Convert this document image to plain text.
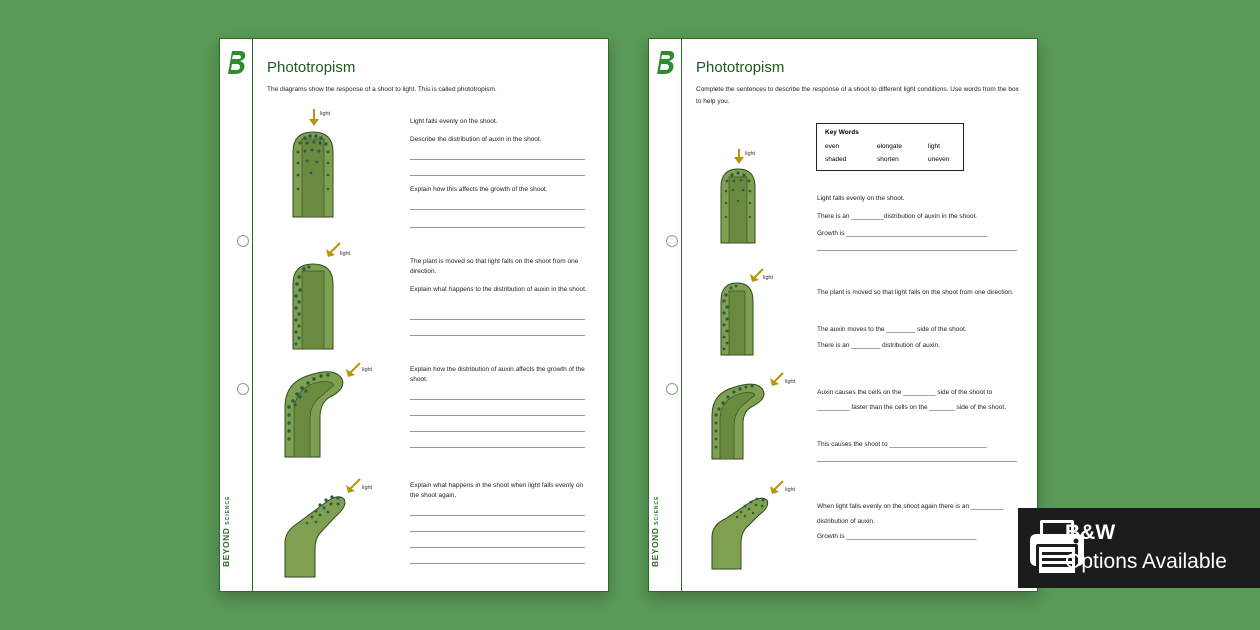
BEYOND SCIENCE
Phototropism
The diagrams show the response of a shoot to light. This is called phototropism.
light
Light falls evenly on the shoot.
Describe the distribution of auxin in the shoot.
Explain how this affects the growth of the shoot.
light
The plant is moved so that light falls on the shoot from one direction.
Explain what happens to the distribution of auxin in the shoot.
light	Explain how the distribution of auxin affects the growth of the shoot.
light	Explain what happens in the shoot when light falls evenly on the shoot again.
BEYOND SCIENCE
Phototropism
Complete the sentences to describe the response of a shoot to different light conditions. Use words from the box to help you.
Key Words
even	elongate	light
shaded	shorten	uneven
light
Light falls evenly on the shoot.
There is an _________distribution of auxin in the shoot.
Growth is _______________________________________
light
The plant is moved so that light falls on the shoot from one direction.
The auxin moves to the ________ side of the shoot.
There is an ________ distribution of auxin.
light
Auxin causes the cells on the _________ side of the shoot to _________ faster than the cells on the _______ side of the shoot.
This causes the shoot to ___________________________
light
When light falls evenly on the shoot again there is an _________ distribution of auxin.
Growth is ____________________________________	B&W
Options Available
